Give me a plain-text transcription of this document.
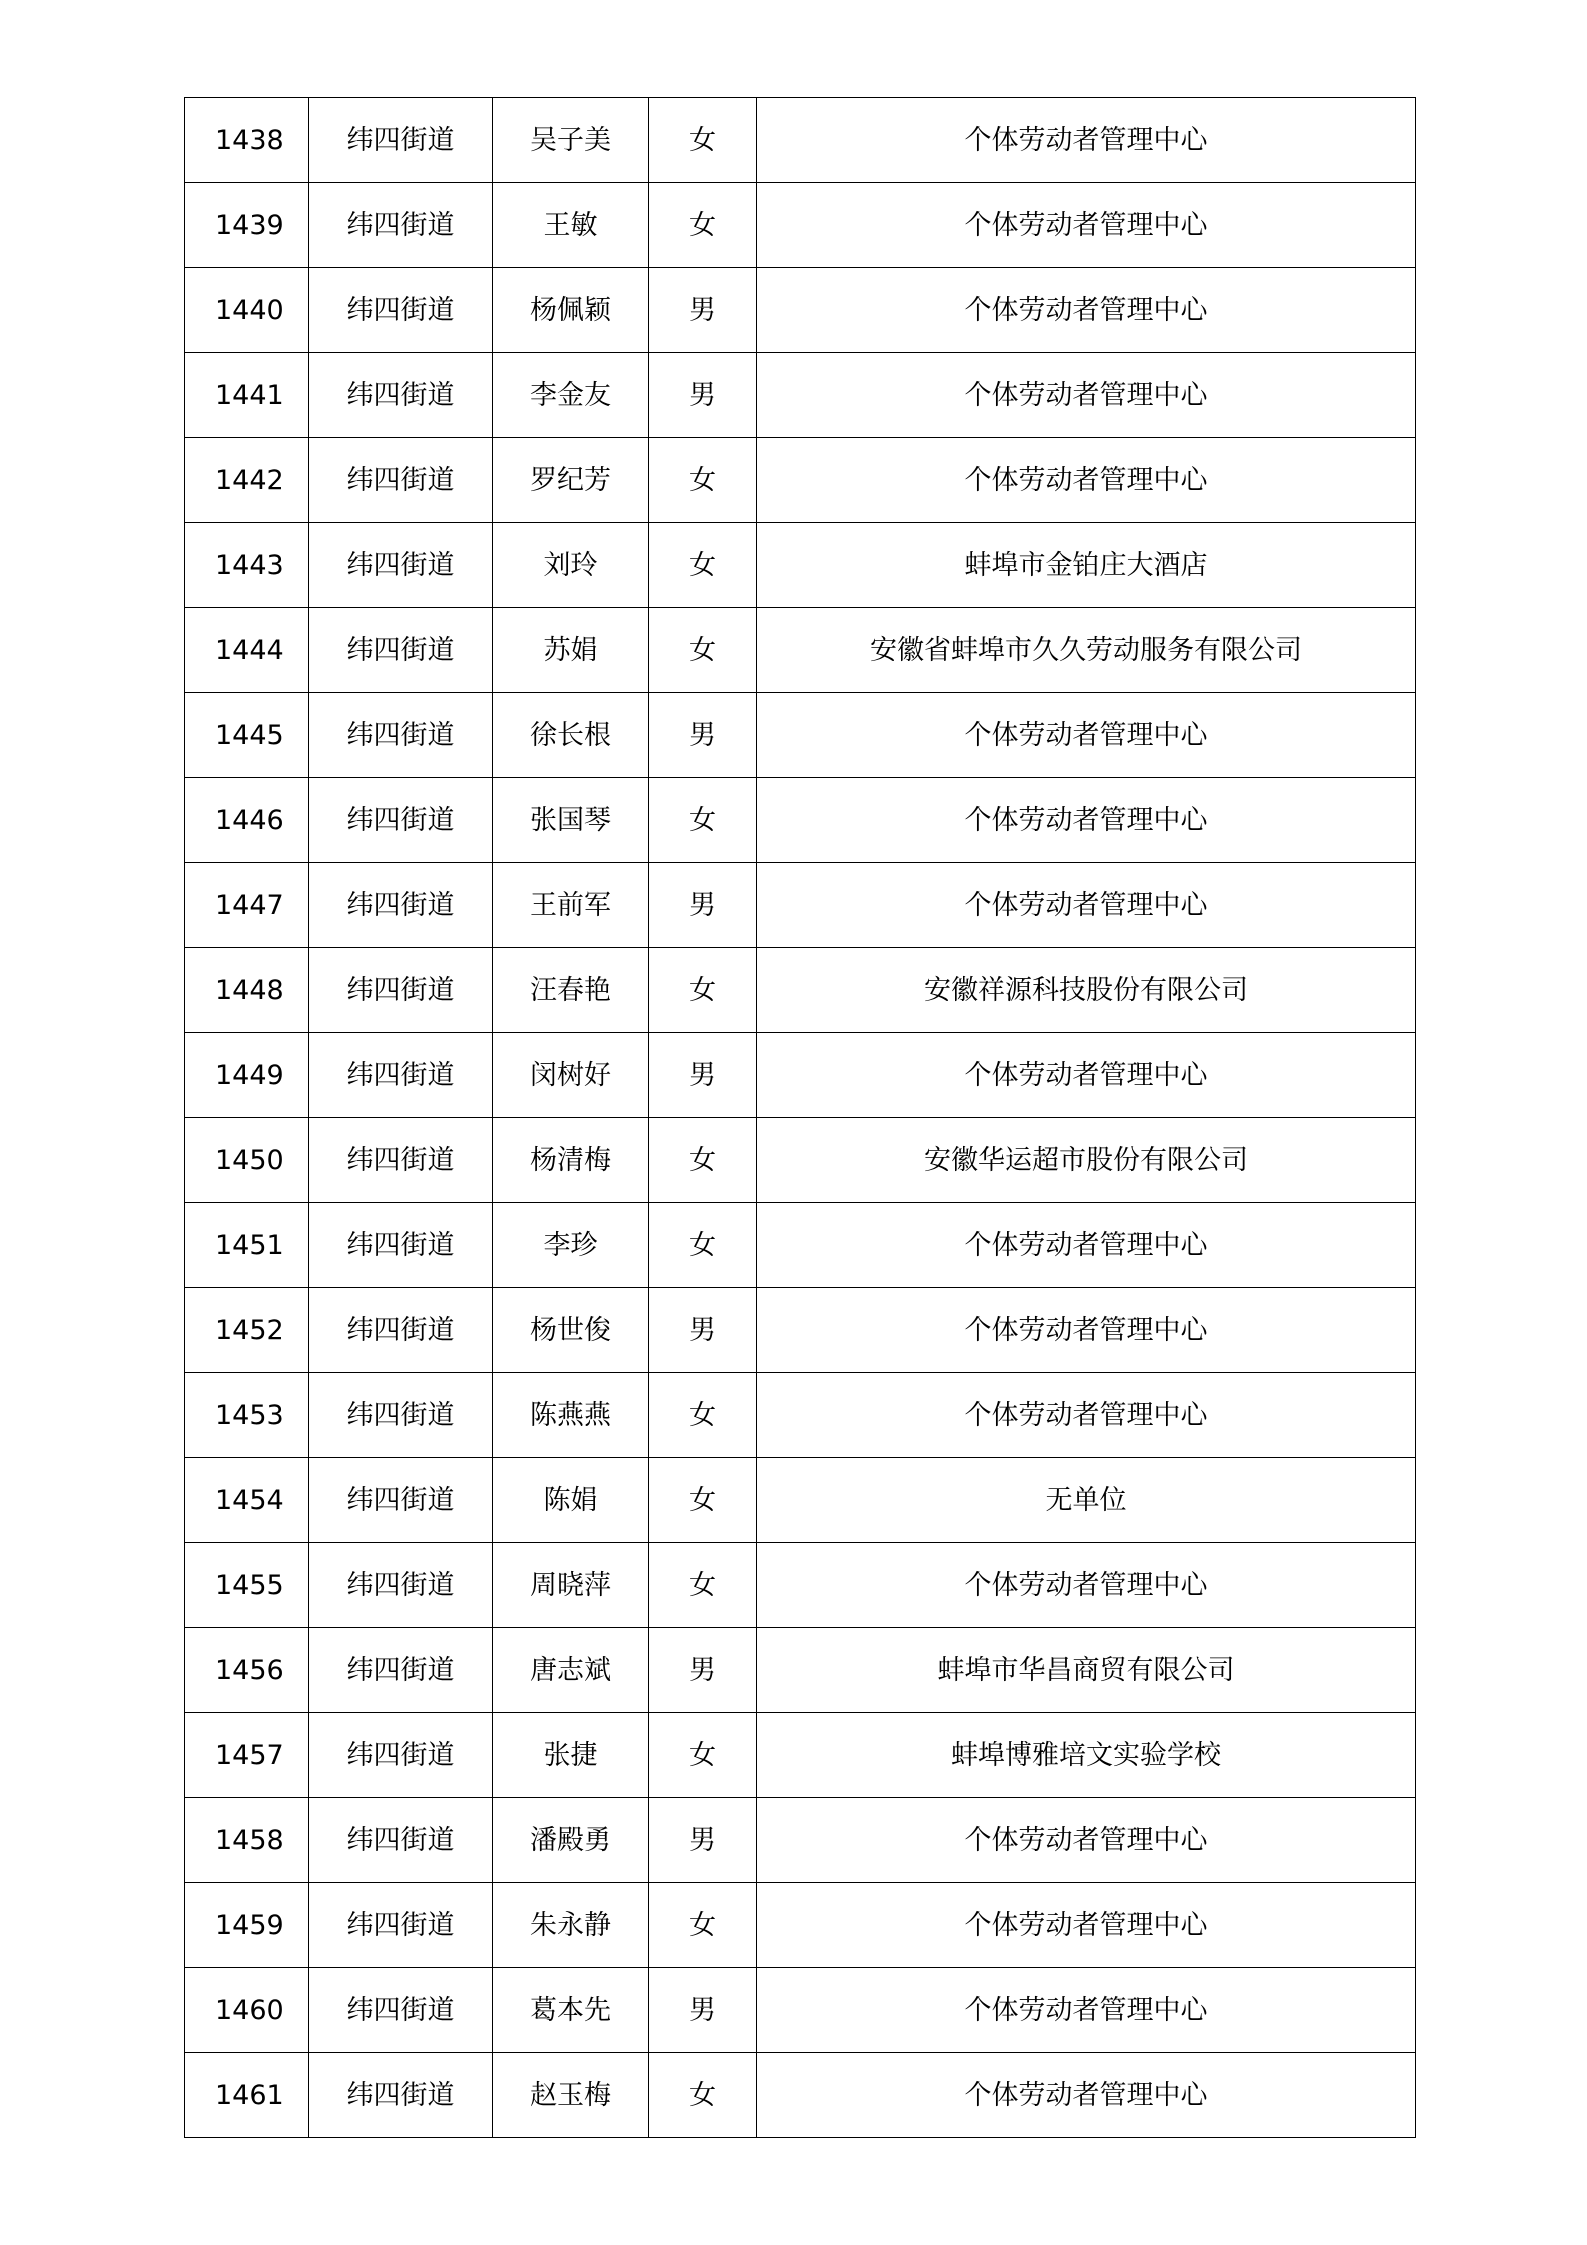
1438	纬四街道	吴子美	女	个体劳动者管理中心
1439	纬四街道	王敏	女	个体劳动者管理中心
1440	纬四街道	杨佩颖	男	个体劳动者管理中心
1441	纬四街道	李金友	男	个体劳动者管理中心
1442	纬四街道	罗纪芳	女	个体劳动者管理中心
1443	纬四街道	刘玲	女	蚌埠市金铂庄大酒店
1444	纬四街道	苏娟	女	安徽省蚌埠市久久劳动服务有限公司
1445	纬四街道	徐长根	男	个体劳动者管理中心
1446	纬四街道	张国琴	女	个体劳动者管理中心
1447	纬四街道	王前军	男	个体劳动者管理中心
1448	纬四街道	汪春艳	女	安徽祥源科技股份有限公司
1449	纬四街道	闵树好	男	个体劳动者管理中心
1450	纬四街道	杨清梅	女	安徽华运超市股份有限公司
1451	纬四街道	李珍	女	个体劳动者管理中心
1452	纬四街道	杨世俊	男	个体劳动者管理中心
1453	纬四街道	陈燕燕	女	个体劳动者管理中心
1454	纬四街道	陈娟	女	无单位
1455	纬四街道	周晓萍	女	个体劳动者管理中心
1456	纬四街道	唐志斌	男	蚌埠市华昌商贸有限公司
1457	纬四街道	张捷	女	蚌埠博雅培文实验学校
1458	纬四街道	潘殿勇	男	个体劳动者管理中心
1459	纬四街道	朱永静	女	个体劳动者管理中心
1460	纬四街道	葛本先	男	个体劳动者管理中心
1461	纬四街道	赵玉梅	女	个体劳动者管理中心
